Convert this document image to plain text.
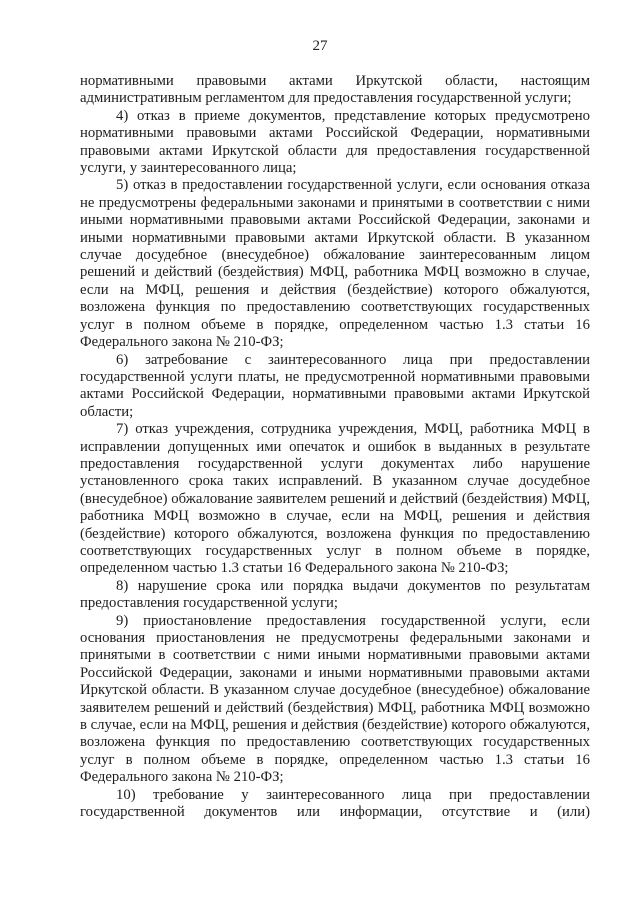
27

нормативными правовыми актами Иркутской области, настоящим административным регламентом для предоставления государственной услуги;

4) отказ в приеме документов, представление которых предусмотрено нормативными правовыми актами Российской Федерации, нормативными правовыми актами Иркутской области для предоставления государственной услуги, у заинтересованного лица;

5) отказ в предоставлении государственной услуги, если основания отказа не предусмотрены федеральными законами и принятыми в соответствии с ними иными нормативными правовыми актами Российской Федерации, законами и иными нормативными правовыми актами Иркутской области. В указанном случае досудебное (внесудебное) обжалование заинтересованным лицом решений и действий (бездействия) МФЦ, работника МФЦ возможно в случае, если на МФЦ, решения и действия (бездействие) которого обжалуются, возложена функция по предоставлению соответствующих государственных услуг в полном объеме в порядке, определенном частью 1.3 статьи 16 Федерального закона № 210-ФЗ;

6) затребование с заинтересованного лица при предоставлении государственной услуги платы, не предусмотренной нормативными правовыми актами Российской Федерации, нормативными правовыми актами Иркутской области;

7) отказ учреждения, сотрудника учреждения, МФЦ, работника МФЦ в исправлении допущенных ими опечаток и ошибок в выданных в результате предоставления государственной услуги документах либо нарушение установленного срока таких исправлений. В указанном случае досудебное (внесудебное) обжалование заявителем решений и действий (бездействия) МФЦ, работника МФЦ возможно в случае, если на МФЦ, решения и действия (бездействие) которого обжалуются, возложена функция по предоставлению соответствующих государственных услуг в полном объеме в порядке, определенном частью 1.3 статьи 16 Федерального закона № 210-ФЗ;

8) нарушение срока или порядка выдачи документов по результатам предоставления государственной услуги;

9) приостановление предоставления государственной услуги, если основания приостановления не предусмотрены федеральными законами и принятыми в соответствии с ними иными нормативными правовыми актами Российской Федерации, законами и иными нормативными правовыми актами Иркутской области. В указанном случае досудебное (внесудебное) обжалование заявителем решений и действий (бездействия) МФЦ, работника МФЦ возможно в случае, если на МФЦ, решения и действия (бездействие) которого обжалуются, возложена функция по предоставлению соответствующих государственных услуг в полном объеме в порядке, определенном частью 1.3 статьи 16 Федерального закона № 210-ФЗ;

10) требование у заинтересованного лица при предоставлении государственной документов или информации, отсутствие и (или)
